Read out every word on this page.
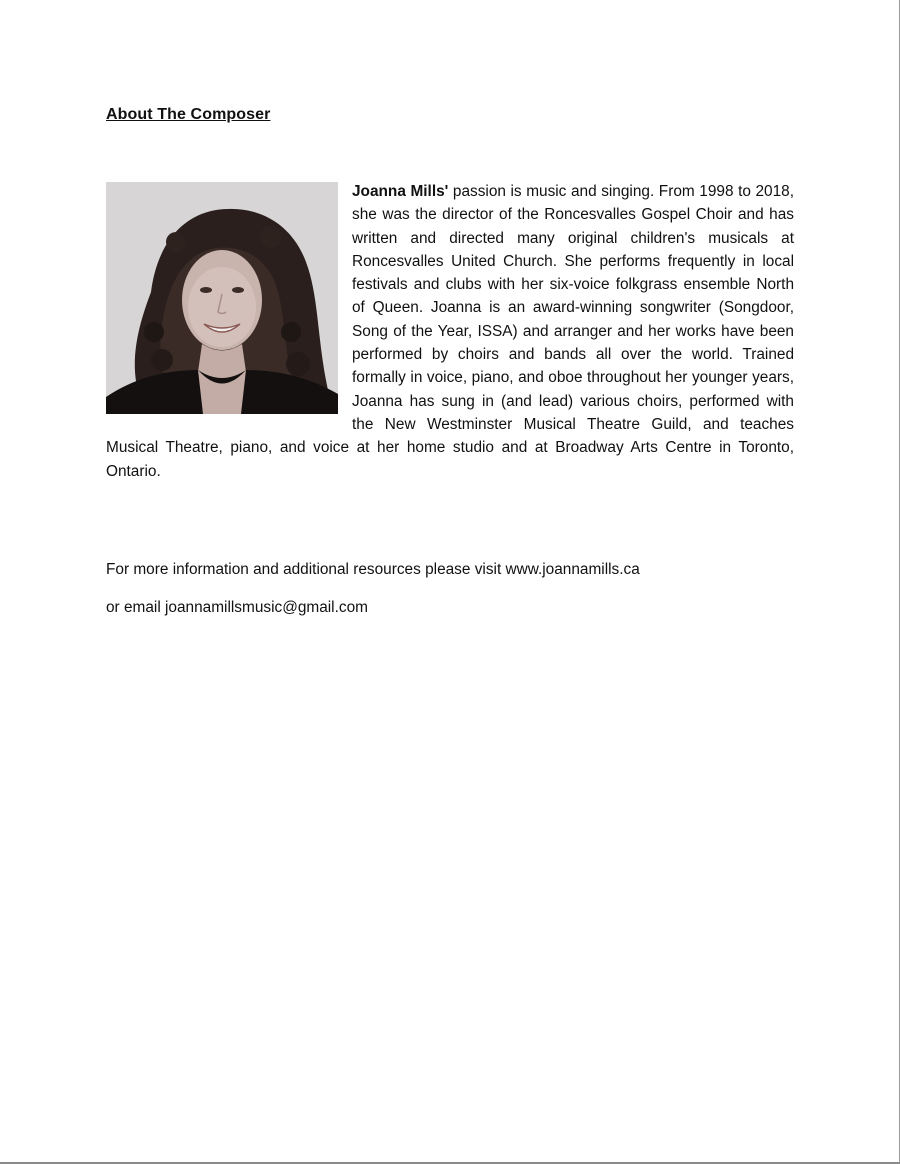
About The Composer

Joanna Mills' passion is music and singing. From 1998 to 2018, she was the director of the Roncesvalles Gospel Choir and has written and directed many original children's musicals at Roncesvalles United Church. She performs frequently in local festivals and clubs with her six-voice folkgrass ensemble North of Queen. Joanna is an award-winning songwriter (Songdoor, Song of the Year, ISSA) and arranger and her works have been performed by choirs and bands all over the world. Trained formally in voice, piano, and oboe throughout her younger years, Joanna has sung in (and lead) various choirs, performed with the New Westminster Musical Theatre Guild, and teaches Musical Theatre, piano, and voice at her home studio and at Broadway Arts Centre in Toronto, Ontario.

For more information and additional resources please visit www.joannamills.ca

or email joannamillsmusic@gmail.com
